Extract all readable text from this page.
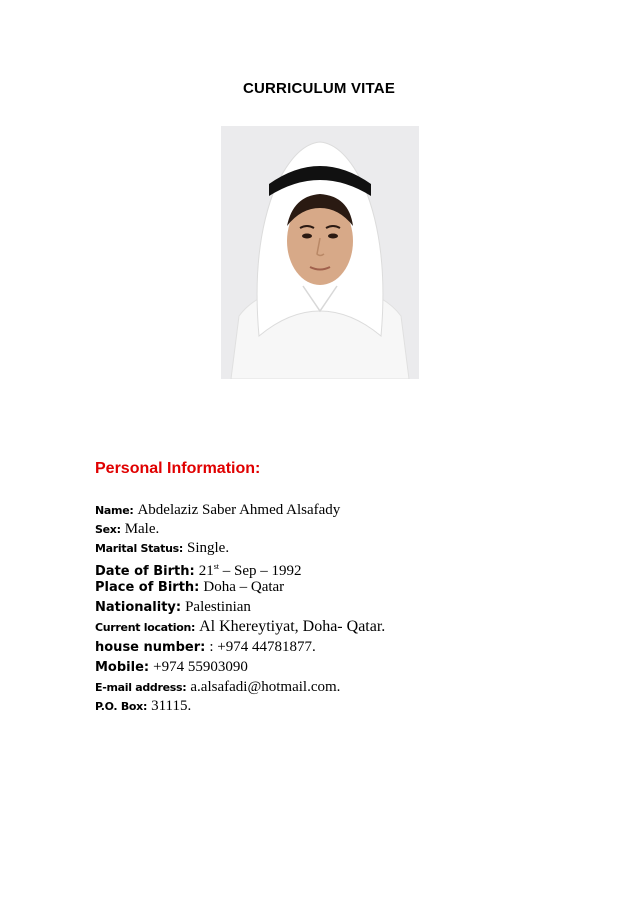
CURRICULUM VITAE
Personal Information:
Name: Abdelaziz Saber Ahmed Alsafady
Sex: Male.
Marital Status: Single.
Date of Birth: 21st – Sep – 1992
Place of Birth: Doha – Qatar
Nationality: Palestinian
Current location: Al Khereytiyat, Doha- Qatar.
house number: : +974 44781877.
Mobile: +974 55903090
E-mail address: a.alsafadi@hotmail.com.
P.O. Box: 31115.
